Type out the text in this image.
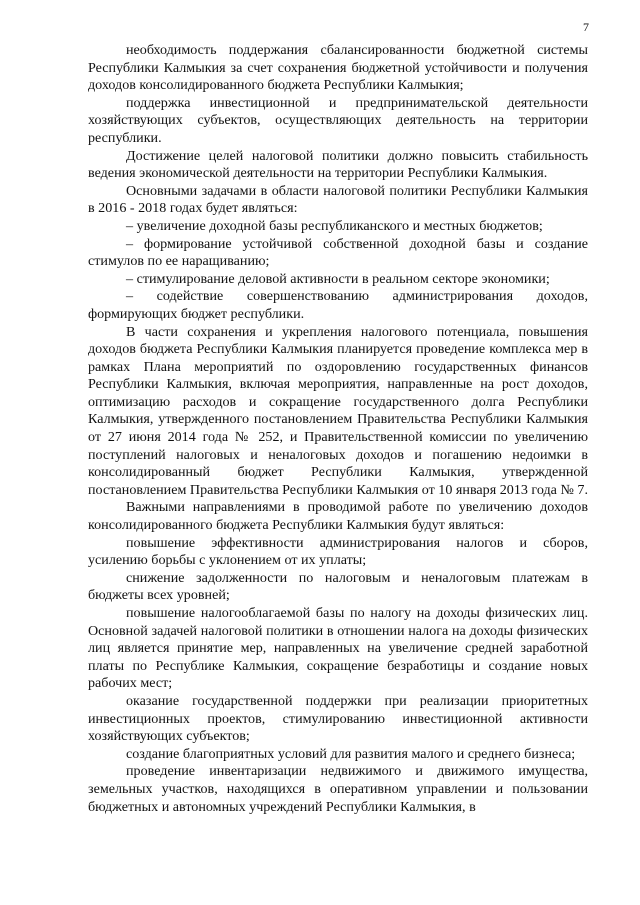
7

необходимость поддержания сбалансированности бюджетной системы Республики Калмыкия за счет сохранения бюджетной устойчивости и получения доходов консолидированного бюджета Республики Калмыкия;

поддержка инвестиционной и предпринимательской деятельности хозяйствующих субъектов, осуществляющих деятельность на территории республики.

Достижение целей налоговой политики должно повысить стабильность ведения экономической деятельности на территории Республики Калмыкия.

Основными задачами в области налоговой политики Республики Калмыкия в 2016 - 2018 годах будет являться:

– увеличение доходной базы республиканского и местных бюджетов;

– формирование устойчивой собственной доходной базы и создание стимулов по ее наращиванию;

– стимулирование деловой активности в реальном секторе экономики;

– содействие совершенствованию администрирования доходов, формирующих бюджет республики.

В части сохранения и укрепления налогового потенциала, повышения доходов бюджета Республики Калмыкия планируется проведение комплекса мер в рамках Плана мероприятий по оздоровлению государственных финансов Республики Калмыкия, включая мероприятия, направленные на рост доходов, оптимизацию расходов и сокращение государственного долга Республики Калмыкия, утвержденного постановлением Правительства Республики Калмыкия от 27 июня 2014 года № 252, и Правительственной комиссии по увеличению поступлений налоговых и неналоговых доходов и погашению недоимки в консолидированный бюджет Республики Калмыкия, утвержденной постановлением Правительства Республики Калмыкия от 10 января 2013 года № 7.

Важными направлениями в проводимой работе по увеличению доходов консолидированного бюджета Республики Калмыкия будут являться:

повышение эффективности администрирования налогов и сборов, усилению борьбы с уклонением от их уплаты;

снижение задолженности по налоговым и неналоговым платежам в бюджеты всех уровней;

повышение налогооблагаемой базы по налогу на доходы физических лиц. Основной задачей налоговой политики в отношении налога на доходы физических лиц является принятие мер, направленных на увеличение средней заработной платы по Республике Калмыкия, сокращение безработицы и создание новых рабочих мест;

оказание государственной поддержки при реализации приоритетных инвестиционных проектов, стимулированию инвестиционной активности хозяйствующих субъектов;

создание благоприятных условий для развития малого и среднего бизнеса;

проведение инвентаризации недвижимого и движимого имущества, земельных участков, находящихся в оперативном управлении и пользовании бюджетных и автономных учреждений Республики Калмыкия, в
